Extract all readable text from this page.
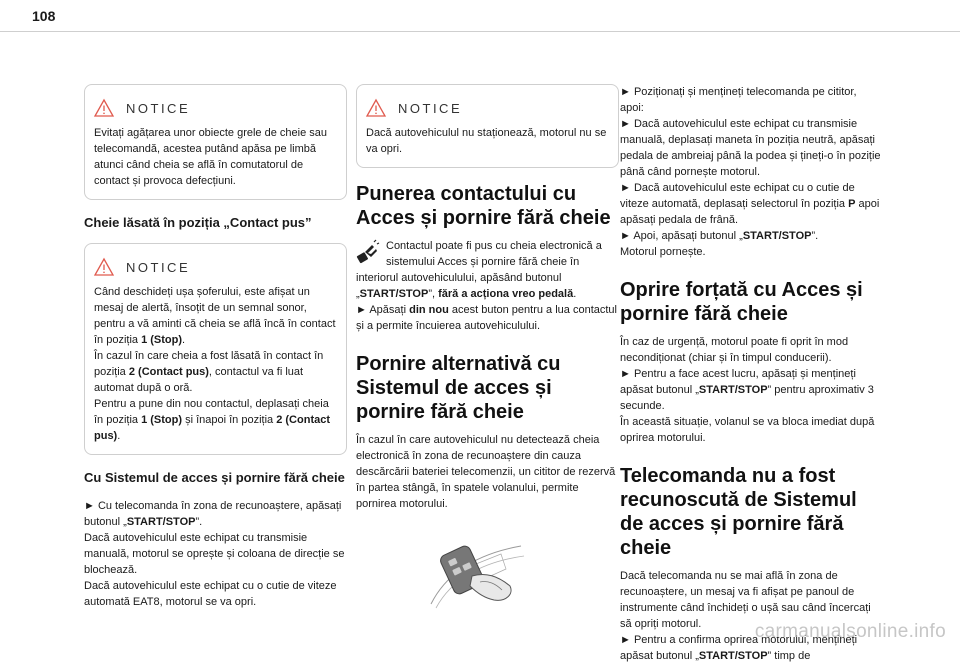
108
NOTICE

Evitați agățarea unor obiecte grele de cheie sau telecomandă, acestea putând apăsa pe limbă atunci când cheia se află în comutatorul de contact și provoca defecțiuni.

Cheie lăsată în poziția „Contact pus”
NOTICE

Când deschideți ușa șoferului, este afișat un mesaj de alertă, însoțit de un semnal sonor, pentru a vă aminti că cheia se află încă în contact în poziția 1 (Stop).

În cazul în care cheia a fost lăsată în contact în poziția 2 (Contact pus), contactul va fi luat automat după o oră.

Pentru a pune din nou contactul, deplasați cheia în poziția 1 (Stop) și înapoi în poziția 2 (Contact pus).

Cu Sistemul de acces și pornire fără cheie

► Cu telecomanda în zona de recunoaștere, apăsați butonul „START/STOP”.

Dacă autovehiculul este echipat cu transmisie manuală, motorul se oprește și coloana de direcție se blochează.

Dacă autovehiculul este echipat cu o cutie de viteze automată EAT8, motorul se va opri.

NOTICE

Dacă autovehiculul nu staționează, motorul nu se va opri.

Punerea contactului cu Acces și pornire fără cheie

Contactul poate fi pus cu cheia electronică a sistemului Acces și pornire fără cheie în interiorul autovehiculului, apăsând butonul „START/STOP”, fără a acționa vreo pedală.

► Apăsați din nou acest buton pentru a lua contactul și a permite încuierea autovehiculului.

Pornire alternativă cu Sistemul de acces și pornire fără cheie

În cazul în care autovehiculul nu detectează cheia electronică în zona de recunoaștere din cauza descărcării bateriei telecomenzii, un cititor de rezervă în partea stângă, în spatele volanului, permite pornirea motorului.

► Poziționați și mențineți telecomanda pe cititor, apoi:

► Dacă autovehiculul este echipat cu transmisie manuală, deplasați maneta în poziția neutră, apăsați pedala de ambreiaj până la podea și țineți-o în poziție până când pornește motorul.

► Dacă autovehiculul este echipat cu o cutie de viteze automată, deplasați selectorul în poziția P apoi apăsați pedala de frână.

► Apoi, apăsați butonul „START/STOP”.

Motorul pornește.

Oprire forțată cu Acces și pornire fără cheie

În caz de urgență, motorul poate fi oprit în mod necondiționat (chiar și în timpul conducerii).

► Pentru a face acest lucru, apăsați și mențineți apăsat butonul „START/STOP” pentru aproximativ 3 secunde.

În această situație, volanul se va bloca imediat după oprirea motorului.

Telecomanda nu a fost recunoscută de Sistemul de acces și pornire fără cheie

Dacă telecomanda nu se mai află în zona de recunoaștere, un mesaj va fi afișat pe panoul de instrumente când închideți o ușă sau când încercați să opriți motorul.

► Pentru a confirma oprirea motorului, mențineți apăsat butonul „START/STOP” timp de

carmanualsonline.info
